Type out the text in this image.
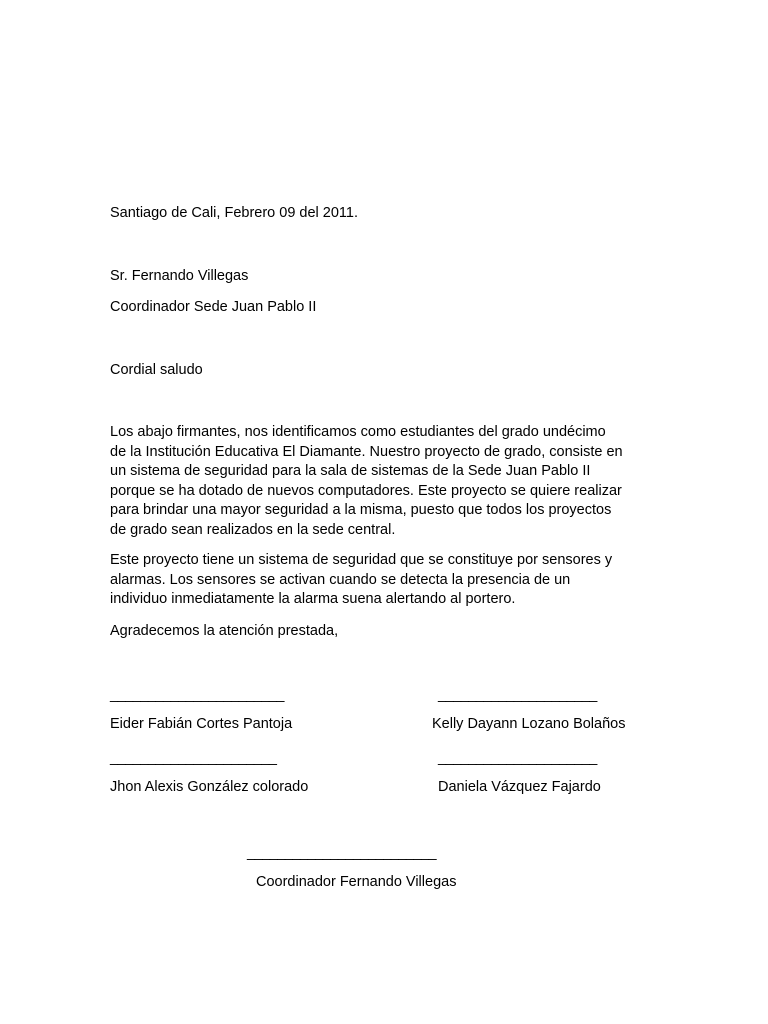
Santiago de Cali, Febrero 09 del 2011.
Sr. Fernando Villegas
Coordinador Sede Juan Pablo II
Cordial saludo
Los abajo firmantes, nos identificamos como estudiantes del grado undécimo
de la Institución Educativa El Diamante. Nuestro proyecto de grado, consiste en
un sistema de seguridad para la sala de sistemas de la Sede Juan Pablo II
porque se ha dotado de nuevos computadores. Este proyecto se quiere realizar
para brindar una mayor seguridad a la misma, puesto que todos los proyectos
de grado sean realizados en la sede central.
Este proyecto tiene un sistema de seguridad que se constituye por sensores y
alarmas. Los sensores se activan cuando se detecta la presencia de un
individuo inmediatamente la alarma suena alertando al portero.
Agradecemos la atención prestada,
_______________________	_____________________
Eider Fabián Cortes Pantoja	Kelly Dayann Lozano Bolaños
______________________	_____________________
Jhon Alexis González colorado	Daniela Vázquez Fajardo
_________________________
Coordinador Fernando Villegas
